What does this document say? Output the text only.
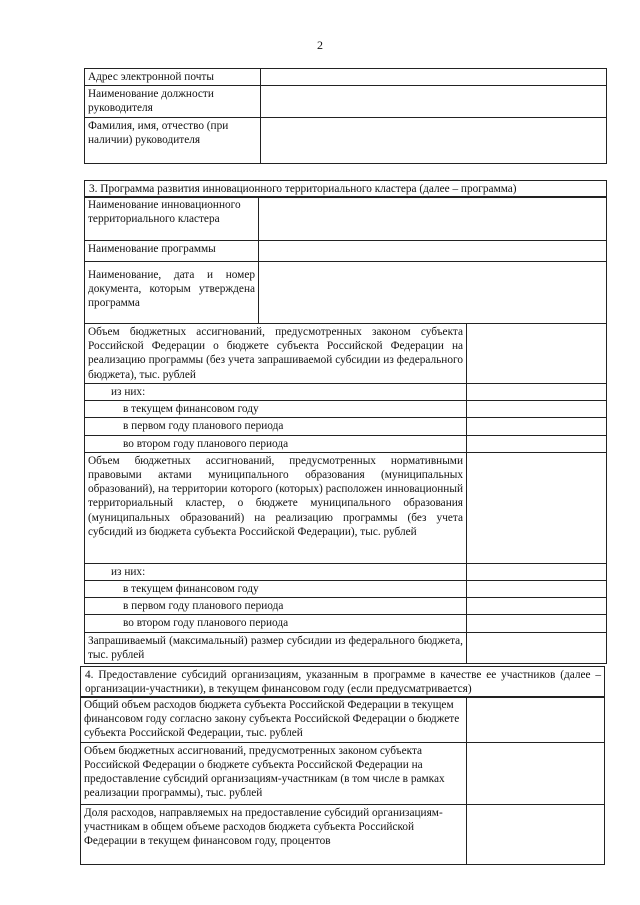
2
Адрес электронной почты	
Наименование должности руководителя	
Фамилия, имя, отчество (при наличии) руководителя	
3. Программа развития инновационного территориального кластера (далее – программа)
Наименование инновационного территориального кластера	
Наименование программы	
Наименование, дата и номер документа, которым утверждена программа	
Объем бюджетных ассигнований, предусмотренных законом субъекта Российской Федерации о бюджете субъекта Российской Федерации на реализацию программы (без учета запрашиваемой субсидии из федерального бюджета), тыс. рублей	
из них:	
в текущем финансовом году	
в первом году планового периода	
во втором году планового периода	
Объем бюджетных ассигнований, предусмотренных нормативными правовыми актами муниципального образования (муниципальных образований), на территории которого (которых) расположен инновационный территориальный кластер, о бюджете муниципального образования (муниципальных образований) на реализацию программы (без учета субсидий из бюджета субъекта Российской Федерации), тыс. рублей	
из них:	
в текущем финансовом году	
в первом году планового периода	
во втором году планового периода	
Запрашиваемый (максимальный) размер субсидии из федерального бюджета, тыс. рублей	
4. Предоставление субсидий организациям, указанным в программе в качестве ее участников (далее – организации-участники), в текущем финансовом году (если предусматривается)
Общий объем расходов бюджета субъекта Российской Федерации в текущем финансовом году согласно закону субъекта Российской Федерации о бюджете субъекта Российской Федерации, тыс. рублей	
Объем бюджетных ассигнований, предусмотренных законом субъекта Российской Федерации о бюджете субъекта Российской Федерации на предоставление субсидий организациям-участникам (в том числе в рамках реализации программы), тыс. рублей	
Доля расходов, направляемых на предоставление субсидий организациям-участникам в общем объеме расходов бюджета субъекта Российской Федерации в текущем финансовом году, процентов	
